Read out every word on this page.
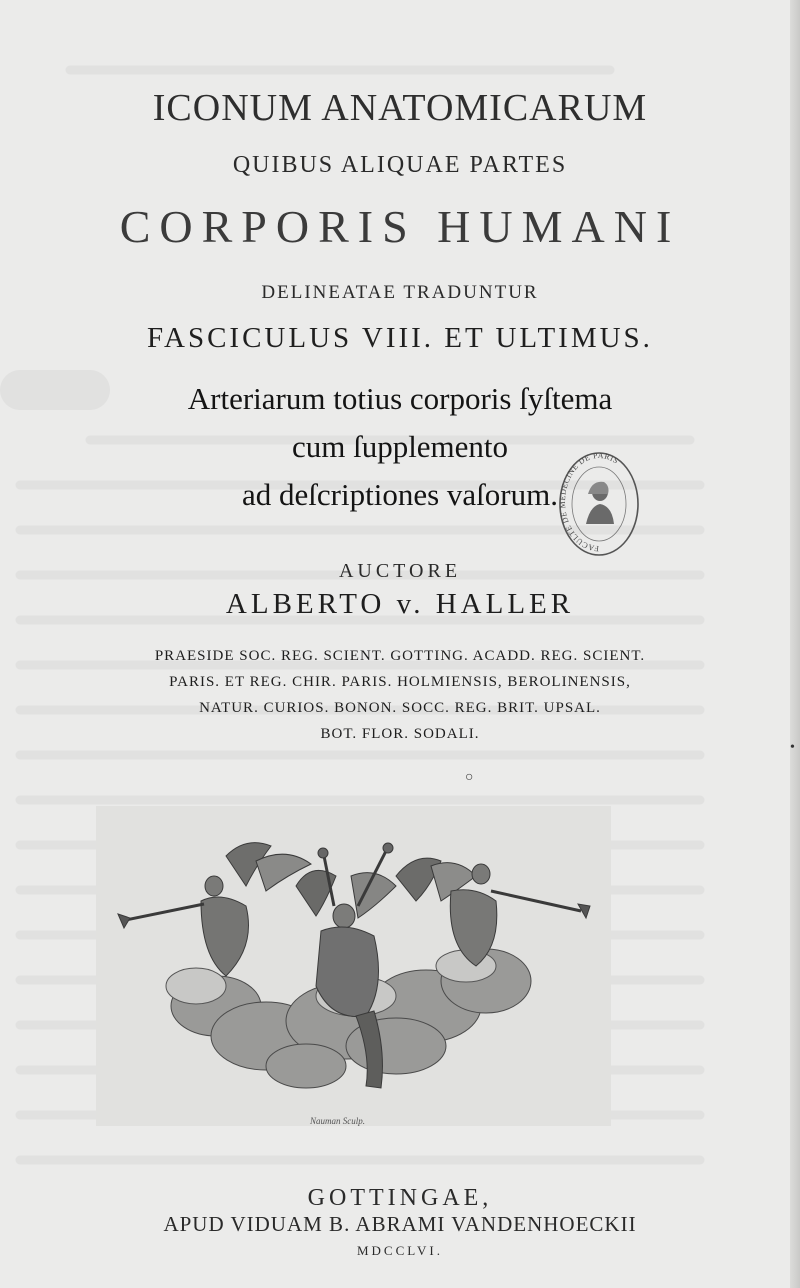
ICONUM ANATOMICARUM
QUIBUS ALIQUAE PARTES
CORPORIS HUMANI
DELINEATAE TRADUNTUR
FASCICULUS VIII. ET ULTIMUS.
Arteriarum totius corporis ſyſtema
cum ſupplemento
ad deſcriptiones vaſorum.
FACULTE DE MEDECINE DE PARIS
AUCTORE
ALBERTO v. HALLER
PRAESIDE SOC. REG. SCIENT. GOTTING. ACADD. REG. SCIENT.
PARIS. ET REG. CHIR. PARIS. HOLMIENSIS, BEROLINENSIS,
NATUR. CURIOS. BONON. SOCC. REG. BRIT. UPSAL.
BOT. FLOR. SODALI.
○
•
Nauman Sculp.
GOTTINGAE,
APUD VIDUAM B. ABRAMI VANDENHOECKII
MDCCLVI.
